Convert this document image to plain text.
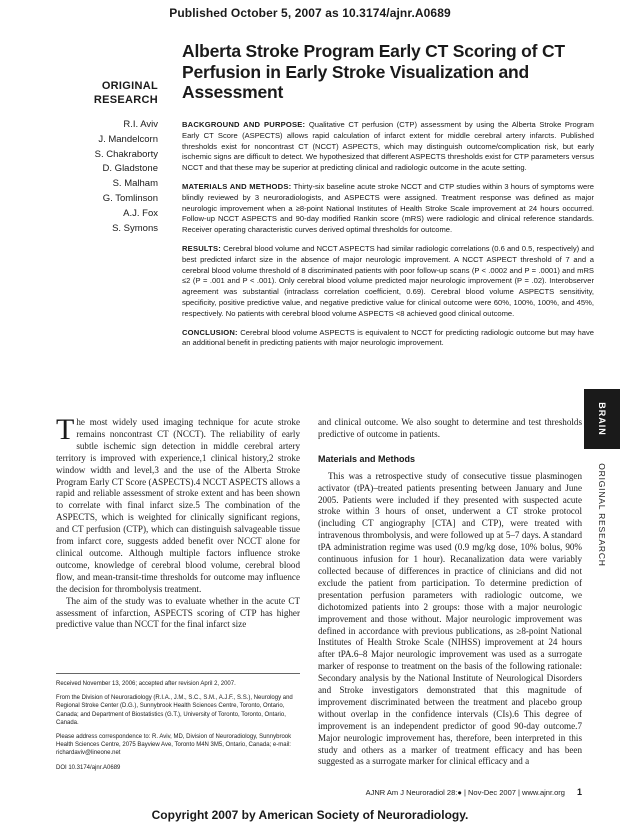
Published October 5, 2007 as 10.3174/ajnr.A0689
ORIGINAL
RESEARCH
Alberta Stroke Program Early CT Scoring of CT Perfusion in Early Stroke Visualization and Assessment
R.I. Aviv
J. Mandelcorn
S. Chakraborty
D. Gladstone
S. Malham
G. Tomlinson
A.J. Fox
S. Symons

BACKGROUND AND PURPOSE: Qualitative CT perfusion (CTP) assessment by using the Alberta Stroke Program Early CT Score (ASPECTS) allows rapid calculation of infarct extent for middle cerebral artery infarcts. Published thresholds exist for noncontrast CT (NCCT) ASPECTS, which may distinguish outcome/complication risk, but early ischemic signs are difficult to detect. We hypothesized that different ASPECTS thresholds exist for CTP parameters versus NCCT and that these may be superior at predicting clinical and radiologic outcome in the acute setting.

MATERIALS AND METHODS: Thirty-six baseline acute stroke NCCT and CTP studies within 3 hours of symptoms were blindly reviewed by 3 neuroradiologists, and ASPECTS were assigned. Treatment response was defined as major neurologic improvement when a ≥8-point National Institutes of Health Stroke Scale improvement at 24 hours occurred. Follow-up NCCT ASPECTS and 90-day modified Rankin score (mRS) were radiologic and clinical reference standards. Receiver operating characteristic curves derived optimal thresholds for outcome.

RESULTS: Cerebral blood volume and NCCT ASPECTS had similar radiologic correlations (0.6 and 0.5, respectively) and best predicted infarct size in the absence of major neurologic improvement. A NCCT ASPECT threshold of 7 and a cerebral blood volume threshold of 8 discriminated patients with poor follow-up scans (P < .0002 and P = .0001) and mRS ≤2 (P = .001 and P < .001). Only cerebral blood volume predicted major neurologic improvement (P = .02). Interobserver agreement was substantial (intraclass correlation coefficient, 0.69). Cerebral blood volume ASPECTS sensitivity, specificity, positive predictive value, and negative predictive value for clinical outcome were 60%, 100%, 100%, and 45%, respectively. No patients with cerebral blood volume ASPECTS <8 achieved good clinical outcome.

CONCLUSION: Cerebral blood volume ASPECTS is equivalent to NCCT for predicting radiologic outcome but may have an additional benefit in predicting patients with major neurologic improvement.

BRAIN
ORIGINAL RESEARCH

The most widely used imaging technique for acute stroke remains noncontrast CT (NCCT). The reliability of early subtle ischemic sign detection in middle cerebral artery territory is improved with experience,1 clinical history,2 stroke window width and level,3 and the use of the Alberta Stroke Program Early CT Score (ASPECTS).4 NCCT ASPECTS allows a rapid and reliable assessment of stroke extent and has been shown to correlate with final infarct size.5 The combination of the ASPECTS, which is weighted for clinically significant regions, and CT perfusion (CTP), which can distinguish salvageable tissue from infarct core, suggests added benefit over NCCT alone for clinical outcome. Although multiple factors influence stroke outcome, knowledge of cerebral blood volume, cerebral blood flow, and mean-transit-time thresholds for outcome may influence the decision for thrombolysis treatment.

The aim of the study was to evaluate whether in the acute CT assessment of infarction, ASPECTS scoring of CTP has higher predictive value than NCCT for the final infarct size

and clinical outcome. We also sought to determine and test thresholds predictive of outcome in patients.

Materials and Methods

This was a retrospective study of consecutive tissue plasminogen activator (tPA)–treated patients presenting between January and June 2005. Patients were included if they presented with suspected acute stroke within 3 hours of onset, underwent a CT stroke protocol (including CT angiography [CTA] and CTP), were treated with intravenous thrombolysis, and were followed up at 5–7 days. A standard tPA administration regime was used (0.9 mg/kg dose, 10% bolus, 90% continuous infusion for 1 hour). Recanalization data were variably collected because of differences in practice of clinicians and did not exclude the patient from participation. To determine prediction of presentation perfusion parameters with radiologic outcome, we dichotomized patients into 2 groups: those with a major neurologic improvement and those without. Major neurologic improvement was defined in accordance with previous publications, as ≥8-point National Institutes of Health Stroke Scale (NIHSS) improvement at 24 hours after tPA.6–8 Major neurologic improvement was used as a surrogate marker of response to treatment on the basis of the following rationale: Secondary analysis by the National Institute of Neurological Disorders and Stroke investigators demonstrated that this magnitude of improvement discriminated between the treatment and placebo group without overlap in the confidence intervals (CIs).6 This degree of improvement is an independent predictor of good 90-day outcome.7 Major neurologic improvement has, therefore, been interpreted in this study and others as a marker of treatment efficacy and has been suggested as a surrogate marker for clinical efficacy and a

Received November 13, 2006; accepted after revision April 2, 2007.

From the Division of Neuroradiology (R.I.A., J.M., S.C., S.M., A.J.F., S.S.), Neurology and Regional Stroke Center (D.G.), Sunnybrook Health Sciences Centre, Toronto, Ontario, Canada; and Department of Biostatistics (G.T.), University of Toronto, Toronto, Ontario, Canada.

Please address correspondence to: R. Aviv, MD, Division of Neuroradiology, Sunnybrook Health Sciences Centre, 2075 Bayview Ave, Toronto M4N 3M5, Ontario, Canada; e-mail: richardaviv@lineone.net

DOI 10.3174/ajnr.A0689

AJNR Am J Neuroradiol 28:● | Nov-Dec 2007 | www.ajnr.org 1
Copyright 2007 by American Society of Neuroradiology.
